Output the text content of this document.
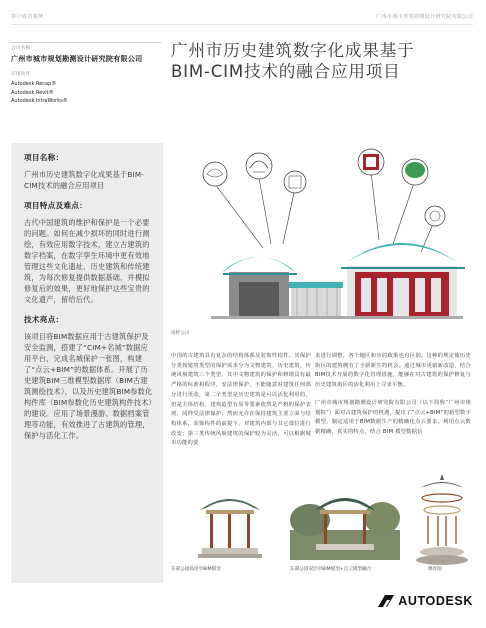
客户成功案例	广州市城市规划勘测设计研究院有限公司
公司名称
广州市城市规划勘测设计研究院有限公司
应用软件
Autodesk Recap®
Autodesk Revit®
Autodesk InfraWorks®
广州市历史建筑数字化成果基于
BIM-CIM技术的融合应用项目
项目名称：
广州市历史建筑数字化成果基于BIM-CIM技术的融合应用项目
项目特点及难点：
古代中国建筑的维护和保护是一个必要的问题。如何在减少损坏的同时进行测绘，有效应用数字技术，建立古建筑的数字档案，在数字孪生环境中更有效地管理这些文化遗址、历史建筑和传统建筑，为每次修复提供数据基础，并模拟修复后的效果，更好地保护这些宝贵的文化遗产，留给后代。
技术亮点：
该项目将BIM数据应用于古建筑保护及安全监测，搭建了“CIM+名城”数据应用平台，完成名城保护一张图，构建了“点云+BIM”的数据体系。开展了历史建筑BIM三维模型数据库（BIM古建筑测绘技术），以及历史建筑BIM参数化构件库（BIM参数化历史建筑构件技术）的建设。应用了场景漫游、数据档案管理等功能，有效推进了古建筑的管理，保护与活化工作。
南野公司

中国的古建筑具有复杂的结构体系及装饰性构件。其保护分类按建筑类型的保护需求分为文物建筑、历史建筑、传统风貌建筑三个类型，其中文物建筑的保护和修缮具有最严格的标准和程序，安法律保护，不能随意对建筑任何部分进行更改，第二个类型是历史建筑是可以活化利用的，但是主体结构，建筑造型有原等要素依然是严格的保护表现，同样受法律保护；然而允许在保持建筑主要立面与结构体系，装饰构件的前提下，对建筑内部与其它部位进行改变；第三类传统风貌建筑的保护较为灵活，可以根据城市功能的要

求进行调整，各个地区和应的政策也有区别。这种的规定使历史街区的建筑拥有了全新新生的机会。通过城市更新新改造，结合BIM技术开展的数字化管理措施，能够在对古建筑的保护修复与历史建筑街区的活化利用上寻求平衡。

广州市城市规划勘测设计研究院有限公司（以下简称“广州市规划院”）面对古建筑保护的机遇，提出了“点云+BIM”的新型数字模型，制定适用于BIM数据生产的精确化点云要求，利用点云数据精确，真实的特点，结合 BIM 模型数据信

东部公园高度亭BIM模型	东部公园双层亭BIM模型+点云模型融合	爆炸图
AUTODESK
